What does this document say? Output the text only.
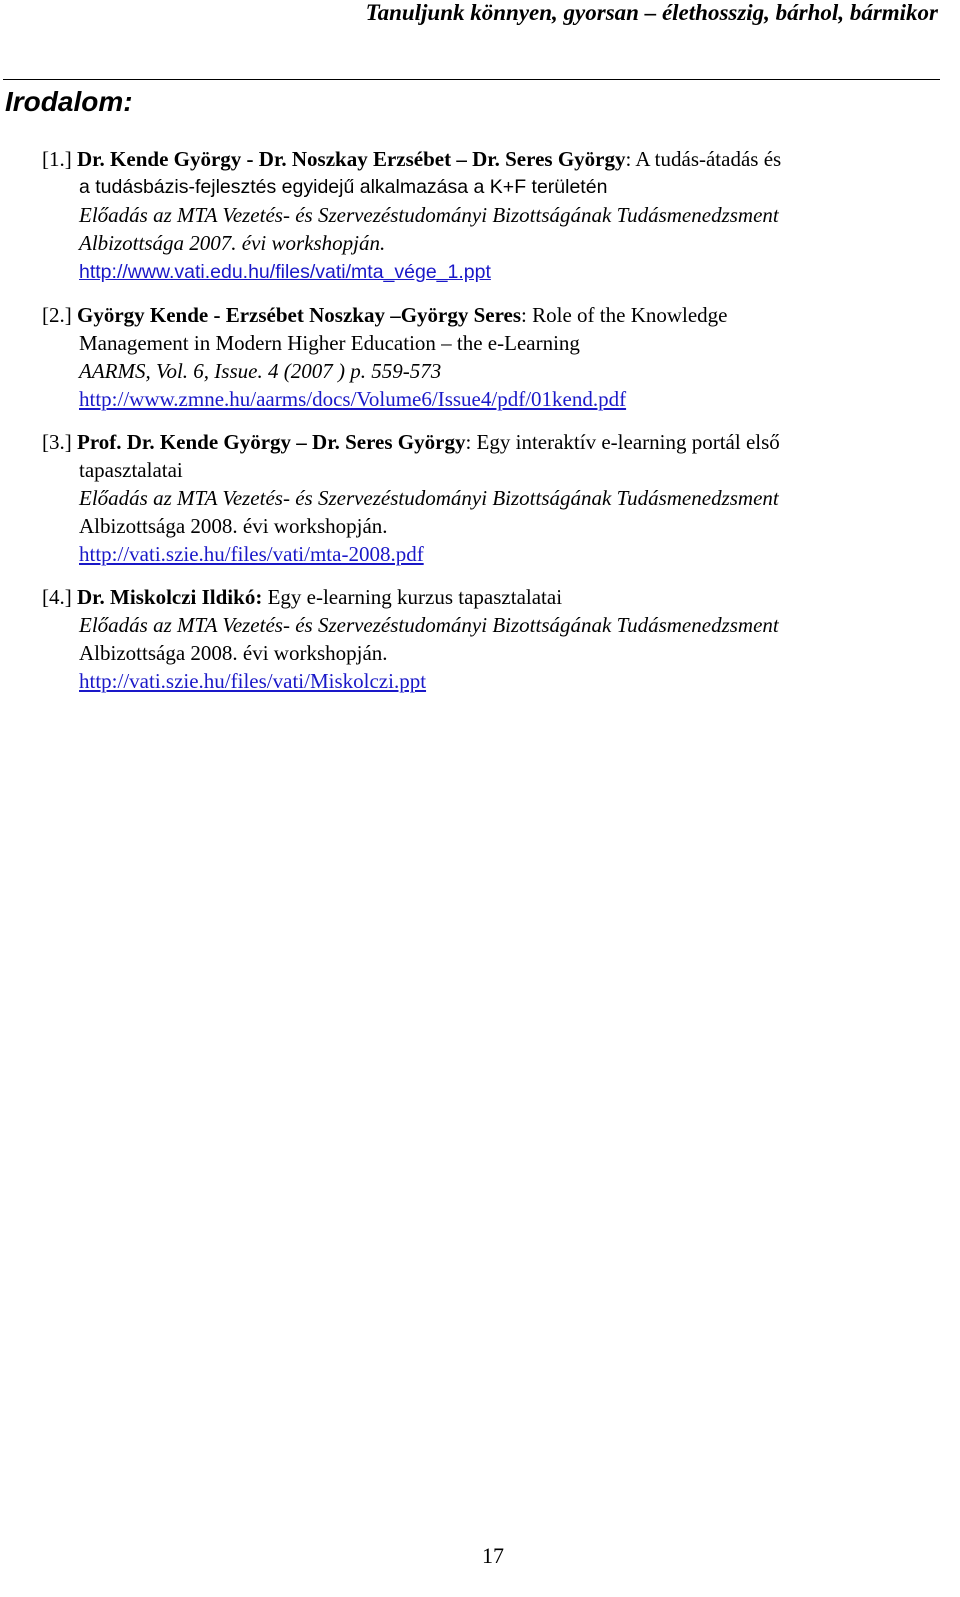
Tanuljunk könnyen, gyorsan – élethosszig, bárhol, bármikor
Irodalom:
[1.] Dr. Kende György - Dr. Noszkay Erzsébet – Dr. Seres György: A tudás-átadás és
a tudásbázis-fejlesztés egyidejű alkalmazása a K+F területén
Előadás az MTA Vezetés- és Szervezéstudományi Bizottságának Tudásmenedzsment
Albizottsága 2007. évi workshopján.
http://www.vati.edu.hu/files/vati/mta_vége_1.ppt
[2.] György Kende - Erzsébet Noszkay –György Seres: Role of the Knowledge
Management in Modern Higher Education – the e-Learning
AARMS, Vol. 6, Issue. 4 (2007 ) p. 559-573
http://www.zmne.hu/aarms/docs/Volume6/Issue4/pdf/01kend.pdf
[3.] Prof. Dr. Kende György – Dr. Seres György: Egy interaktív e-learning portál első
tapasztalatai
Előadás az MTA Vezetés- és Szervezéstudományi Bizottságának Tudásmenedzsment
Albizottsága 2008. évi workshopján.
http://vati.szie.hu/files/vati/mta-2008.pdf
[4.] Dr. Miskolczi Ildikó: Egy e-learning kurzus tapasztalatai
Előadás az MTA Vezetés- és Szervezéstudományi Bizottságának Tudásmenedzsment
Albizottsága 2008. évi workshopján.
http://vati.szie.hu/files/vati/Miskolczi.ppt
17
